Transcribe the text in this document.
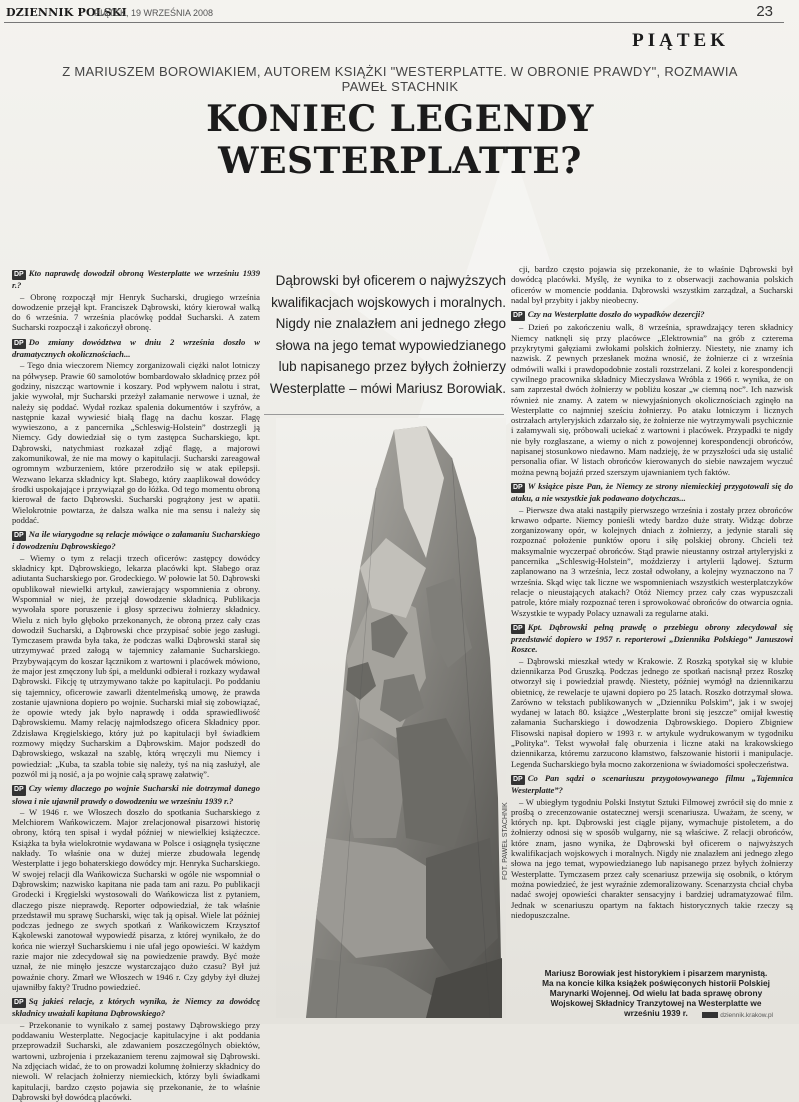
DZIENNIK POLSKI
PIĄTEK, 19 WRZEŚNIA 2008	23
PIĄTEK
Z MARIUSZEM BOROWIAKIEM, AUTOREM KSIĄŻKI "WESTERPLATTE. W OBRONIE PRAWDY", ROZMAWIA PAWEŁ STACHNIK
KONIEC LEGENDY
WESTERPLATTE?
DP Kto naprawdę dowodził obroną Westerplatte we wrześniu 1939 r.?
– Obronę rozpoczął mjr Henryk Sucharski, drugiego września dowodzenie przejął kpt. Franciszek Dąbrowski, który kierował walką do 6 września. 7 września placówkę poddał Sucharski. A zatem Sucharski rozpoczął i zakończył obronę.
DP Do zmiany dowództwa w dniu 2 września doszło w dramatycznych okolicznościach...
– Tego dnia wieczorem Niemcy zorganizowali ciężki nalot lotniczy na półwysep. Prawie 60 samolotów bombardowało składnicę przez pół godziny, niszcząc wartownie i koszary. Pod wpływem nalotu i strat, jakie wywołał, mjr Sucharski przeżył załamanie nerwowe i uznał, że należy się poddać. Wydał rozkaz spalenia dokumentów i szyfrów, a następnie kazał wywiesić białą flagę na dachu koszar. Flagę wywieszono, a z pancernika „Schleswig-Holstein” dostrzegli ją Niemcy. Gdy dowiedział się o tym zastępca Sucharskiego, kpt. Dąbrowski, natychmiast rozkazał zdjąć flagę, a majorowi zakomunikował, że nie ma mowy o kapitulacji. Sucharski zareagował ogromnym wzburzeniem, które przerodziło się w atak epilepsji. Wezwano lekarza składnicy kpt. Słabego, który zaaplikował dowódcy środki uspokajające i przywiązał go do łóżka. Od tego momentu obroną kierował de facto Dąbrowski. Sucharski pogrążony jest w apatii. Wielokrotnie powtarza, że dalsza walka nie ma sensu i należy się poddać.
DP Na ile wiarygodne są relacje mówiące o załamaniu Sucharskiego i dowodzeniu Dąbrowskiego?
– Wiemy o tym z relacji trzech oficerów: zastępcy dowódcy składnicy kpt. Dąbrowskiego, lekarza placówki kpt. Słabego oraz adiutanta Sucharskiego por. Grodeckiego. W połowie lat 50. Dąbrowski opublikował niewielki artykuł, zawierający wspomnienia z obrony. Wspomniał w niej, że przejął dowodzenie składnicą. Publikacja wywołała spore poruszenie i głosy sprzeciwu żołnierzy składnicy. Wielu z nich było głęboko przekonanych, że obroną przez cały czas dowodził Sucharski, a Dąbrowski chce przypisać sobie jego zasługi. Tymczasem prawda była taka, że podczas walki Dąbrowski starał się utrzymywać przed załogą w tajemnicy załamanie Sucharskiego. Przybywającym do koszar łącznikom z wartowni i placówek mówiono, że major jest zmęczony lub śpi, a meldunki odbierał i rozkazy wydawał Dąbrowski. Fikcję tę utrzymywano także po kapitulacji. Po poddaniu się tajemnicy, oficerowie zawarli dżentelmeńską umowę, że prawda zostanie ujawniona dopiero po wojnie. Sucharski miał się zobowiązać, że opowie wtedy jak było naprawdę i odda sprawiedliwość Dąbrowskiemu. Mamy relację najmłodszego oficera Składnicy ppor. Zdzisława Kręgielskiego, który już po kapitulacji był świadkiem rozmowy między Sucharskim a Dąbrowskim. Major podszedł do Dąbrowskiego, wskazał na szablę, którą wręczyli mu Niemcy i powiedział: „Kuba, ta szabla tobie się należy, tyś na nią zasłużył, ale pozwól mi ją nosić, a ja po wojnie całą sprawę załatwię”.
DP Czy wiemy dlaczego po wojnie Sucharski nie dotrzymał danego słowa i nie ujawnił prawdy o dowodzeniu we wrześniu 1939 r.?
– W 1946 r. we Włoszech doszło do spotkania Sucharskiego z Melchiorem Wańkowiczem. Major zrelacjonował pisarzowi historię obrony, którą ten spisał i wydał później w niewielkiej książeczce. Książka ta była wielokrotnie wydawana w Polsce i osiągnęła tysięczne nakłady. To właśnie ona w dużej mierze zbudowała legendę Westerplatte i jego bohaterskiego dowódcy mjr. Henryka Sucharskiego. W swojej relacji dla Wańkowicza Sucharski w ogóle nie wspomniał o Dąbrowskim; nazwisko kapitana nie pada tam ani razu. Po publikacji Grodecki i Kręgielski wystosowali do Wańkowicza list z pytaniem, dlaczego pisze nieprawdę. Reporter odpowiedział, że tak właśnie przedstawił mu sprawę Sucharski, więc tak ją opisał. Wiele lat później podczas jednego ze swych spotkań z Wańkowiczem Krzysztof Kąkolewski zanotował wypowiedź pisarza, z której wynikało, że do końca nie wierzył Sucharskiemu i nie ufał jego opowieści. W każdym razie major nie zdecydował się na powiedzenie prawdy. Być może uznał, że nie minęło jeszcze wystarczająco dużo czasu? Był już powaźnie chory. Zmarł we Włoszech w 1946 r. Czy gdyby żył dłużej ujawniłby fakty? Trudno powiedzieć.
DP Są jakieś relacje, z których wynika, że Niemcy za dowódcę składnicy uważali kapitana Dąbrowskiego?
– Przekonanie to wynikało z samej postawy Dąbrowskiego przy poddawaniu Westerplatte. Negocjacje kapitulacyjne i akt poddania przeprowadził Sucharski, ale zdawaniem poszczególnych obiektów, wartowni, uzbrojenia i przekazaniem terenu zajmował się Dąbrowski. Na zdjęciach widać, że to on prowadzi kolumnę żołnierzy składnicy do niewoli. W relacjach żołnierzy niemieckich, którzy byli świadkami kapitulacji, bardzo często pojawia się przekonanie, że to właśnie Dąbrowski był dowódcą placówki.
Dąbrowski był oficerem o najwyższych kwalifikacjach wojskowych i moralnych. Nigdy nie znalazłem ani jednego złego słowa na jego temat wypowiedzianego lub napisanego przez byłych żołnierzy Westerplatte – mówi Mariusz Borowiak.
FOT. PAWEŁ STACHNIK
cji, bardzo często pojawia się przekonanie, że to właśnie Dąbrowski był dowódcą placówki. Myślę, że wynika to z obserwacji zachowania polskich oficerów w momencie poddania. Dąbrowski wszystkim zarządzał, a Sucharski nadal był przybity i jakby nieobecny.
DP Czy na Westerplatte doszło do wypadków dezercji?
– Dzień po zakończeniu walk, 8 września, sprawdzający teren składnicy Niemcy natknęli się przy placówce „Elektrownia” na grób z czterema przykrytymi gałęziami zwłokami polskich żołnierzy. Niestety, nie znamy ich nazwisk. Z pewnych przesłanek można wnosić, że żołnierze ci z września odmówili walki i prawdopodobnie zostali rozstrzelani. Z kolei z korespondencji cywilnego pracownika składnicy Mieczysława Wróbla z 1966 r. wynika, że on sam zaprzestał dwóch żołnierzy w pobliżu koszar „w ciemną noc”. Ich nazwisk również nie znamy. A zatem w niewyjaśnionych okolicznościach zginęło na Westerplatte co najmniej sześciu żołnierzy. Po ataku lotniczym i licznych ostrzałach artyleryjskich zdarzało się, że żołnierze nie wytrzymywali psychicznie i załamywali się, próbowali uciekać z wartowni i placówek. Przypadki te nigdy nie były rozgłaszane, a wiemy o nich z powojennej korespondencji obrońców, napisanej stosunkowo niedawno. Mam nadzieję, że w przyszłości uda się ustalić personalia ofiar. W listach obrońców kierowanych do siebie nawzajem wyczuć można pewną bojaźń przed szerszym ujawnianiem tych faktów.
DP W książce pisze Pan, że Niemcy ze strony niemieckiej przygotowali się do ataku, a nie wszystkie jak podawano dotychczas...
– Pierwsze dwa ataki nastąpiły pierwszego września i zostały przez obrońców krwawo odparte. Niemcy ponieśli wtedy bardzo duże straty. Widząc dobrze zorganizowany opór, w kolejnych dniach z żołnierzy, a jedynie starali się rozpoznać położenie punktów oporu i siłę polskiej obrony. Chcieli też maksymalnie wyczerpać obrońców. Stąd prawie nieustanny ostrzał artyleryjski z pancernika „Schleswig-Holstein”, moździerzy i artylerii lądowej. Szturm zaplanowano na 3 września, lecz został odwołany, a kolejny wyznaczono na 7 września. Skąd więc tak liczne we wspomnieniach wszystkich westerplatczyków relacje o nieustających atakach? Otóż Niemcy przez cały czas wypuszczali patrole, które miały rozpoznać teren i sprowokować obrońców do otwarcia ognia. Wszystkie te wypady Polacy uznawali za regularne ataki.
DP Kpt. Dąbrowski pełną prawdę o przebiegu obrony zdecydował się przedstawić dopiero w 1957 r. reporterowi „Dziennika Polskiego” Januszowi Roszce.
– Dąbrowski mieszkał wtedy w Krakowie. Z Roszką spotykał się w klubie dziennikarza Pod Gruszką. Podczas jednego ze spotkań nacisnął przez Roszkę otworzył się i powiedział prawdę. Niestety, później wymógł na dziennikarzu obietnicę, że rewelacje te ujawni dopiero po 25 latach. Roszko dotrzymał słowa. Zarówno w tekstach publikowanych w „Dzienniku Polskim”, jak i w swojej wydanej w latach 80. książce „Westerplatte broni się jeszcze” omijał kwestię załamania Sucharskiego i dowodzenia Dąbrowskiego. Dopiero Zbigniew Flisowski napisał dopiero w 1993 r. w artykule wydrukowanym w tygodniku „Polityka”. Tekst wywołał falę oburzenia i liczne ataki na krakowskiego dziennikarza, któremu zarzucono kłamstwo, fałszowanie historii i manipulacje. Legenda Sucharskiego była mocno zakorzeniona w świadomości społeczeństwa.
DP Co Pan sądzi o scenariuszu przygotowywanego filmu „Tajemnica Westerplatte”?
– W ubiegłym tygodniu Polski Instytut Sztuki Filmowej zwrócił się do mnie z prośbą o zrecenzowanie ostatecznej wersji scenariusza. Uważam, że sceny, w których np. kpt. Dąbrowski jest ciągle pijany, wymachuje pistoletem, a do żołnierzy odnosi się w sposób wulgarny, nie są właściwe. Z relacji obrońców, które znam, jasno wynika, że Dąbrowski był oficerem o najwyższych kwalifikacjach wojskowych i moralnych. Nigdy nie znalazłem ani jednego złego słowa na jego temat, wypowiedzianego lub napisanego przez byłych żołnierzy Westerplatte. Tymczasem przez cały scenariusz przewija się osobnik, o którym można powiedzieć, że jest wyraźnie zdemoralizowany. Scenarzysta chciał chyba nadać swojej opowieści charakter sensacyjny i bardziej udramatyzować film. Jednak w scenariuszu opartym na faktach historycznych takie rzeczy są niedopuszczalne.
Mariusz Borowiak jest historykiem i pisarzem marynistą. Ma na koncie kilka książek poświęconych historii Polskiej Marynarki Wojennej. Od wielu lat bada sprawę obrony Wojskowej Składnicy Tranzytowej na Westerplatte we wrześniu 1939 r.	dziennik.krakow.pl
